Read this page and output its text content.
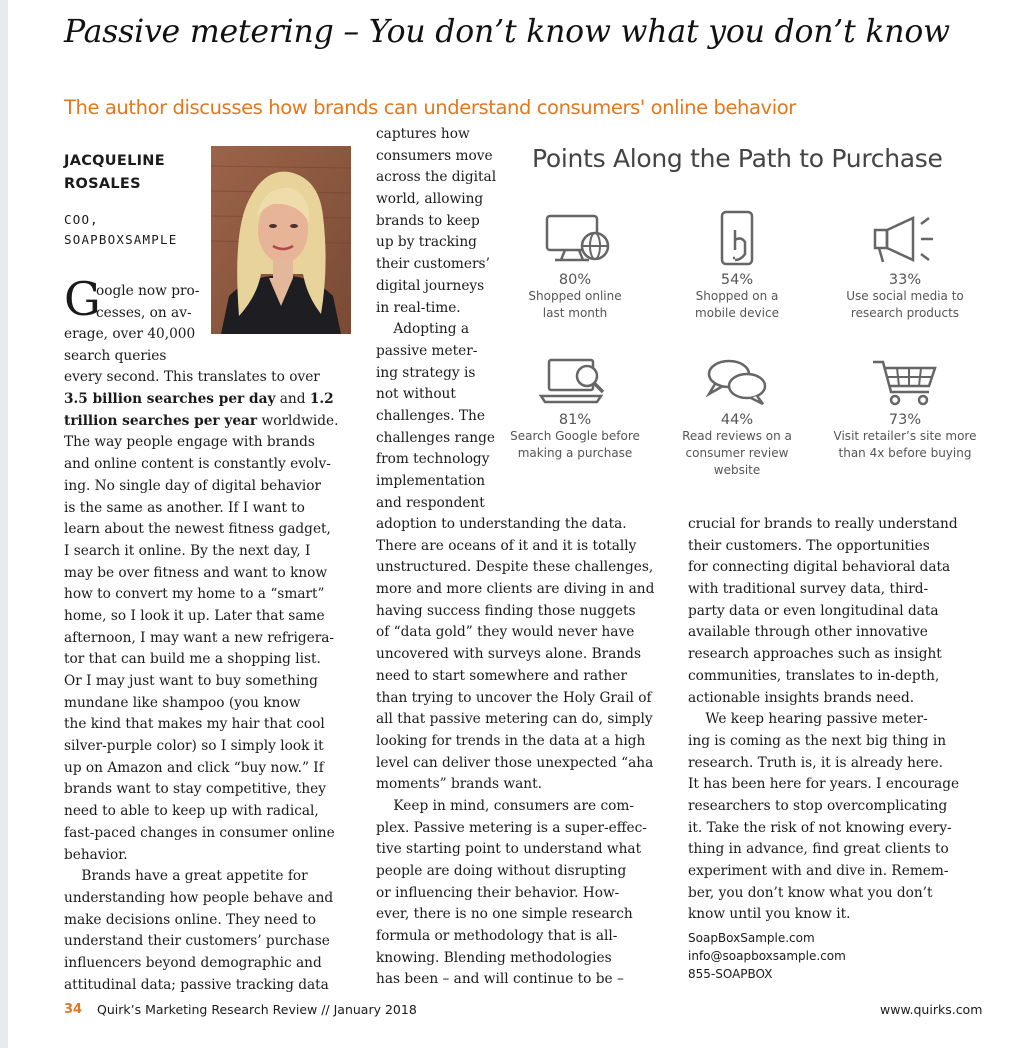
Passive metering – You don’t know what you don’t know
The author discusses how brands can understand consumers' online behavior
JACQUELINE
ROSALES
COO,
SOAPBOXSAMPLE
G
oogle now pro-
cesses, on av-
erage, over 40,000
search queries
every second. This translates to over
3.5 billion searches per day and 1.2
trillion searches per year worldwide.
The way people engage with brands
and online content is constantly evolv-
ing. No single day of digital behavior
is the same as another. If I want to
learn about the newest fitness gadget,
I search it online. By the next day, I
may be over fitness and want to know
how to convert my home to a “smart”
home, so I look it up. Later that same
afternoon, I may want a new refrigera-
tor that can build me a shopping list.
Or I may just want to buy something
mundane like shampoo (you know
the kind that makes my hair that cool
silver-purple color) so I simply look it
up on Amazon and click “buy now.” If
brands want to stay competitive, they
need to able to keep up with radical,
fast-paced changes in consumer online
behavior.
Brands have a great appetite for
understanding how people behave and
make decisions online. They need to
understand their customers’ purchase
influencers beyond demographic and
attitudinal data; passive tracking data
captures how
consumers move
across the digital
world, allowing
brands to keep
up by tracking
their customers’
digital journeys
in real-time.
Adopting a
passive meter-
ing strategy is
not without
challenges. The
challenges range
from technology
implementation
and respondent
adoption to understanding the data.
There are oceans of it and it is totally
unstructured. Despite these challenges,
more and more clients are diving in and
having success finding those nuggets
of “data gold” they would never have
uncovered with surveys alone. Brands
need to start somewhere and rather
than trying to uncover the Holy Grail of
all that passive metering can do, simply
looking for trends in the data at a high
level can deliver those unexpected “aha
moments” brands want.
Keep in mind, consumers are com-
plex. Passive metering is a super-effec-
tive starting point to understand what
people are doing without disrupting
or influencing their behavior. How-
ever, there is no one simple research
formula or methodology that is all-
knowing. Blending methodologies
has been – and will continue to be –
crucial for brands to really understand
their customers. The opportunities
for connecting digital behavioral data
with traditional survey data, third-
party data or even longitudinal data
available through other innovative
research approaches such as insight
communities, translates to in-depth,
actionable insights brands need.
We keep hearing passive meter-
ing is coming as the next big thing in
research. Truth is, it is already here.
It has been here for years. I encourage
researchers to stop overcomplicating
it. Take the risk of not knowing every-
thing in advance, find great clients to
experiment with and dive in. Remem-
ber, you don’t know what you don’t
know until you know it.
SoapBoxSample.com
info@soapboxsample.com
855-SOAPBOX
Points Along the Path to Purchase
80%
Shopped online
last month
54%
Shopped on a
mobile device
33%
Use social media to
research products
81%
Search Google before
making a purchase
44%
Read reviews on a
consumer review website
73%
Visit retailer’s site more
than 4x before buying
34 Quirk’s Marketing Research Review // January 2018	www.quirks.com
